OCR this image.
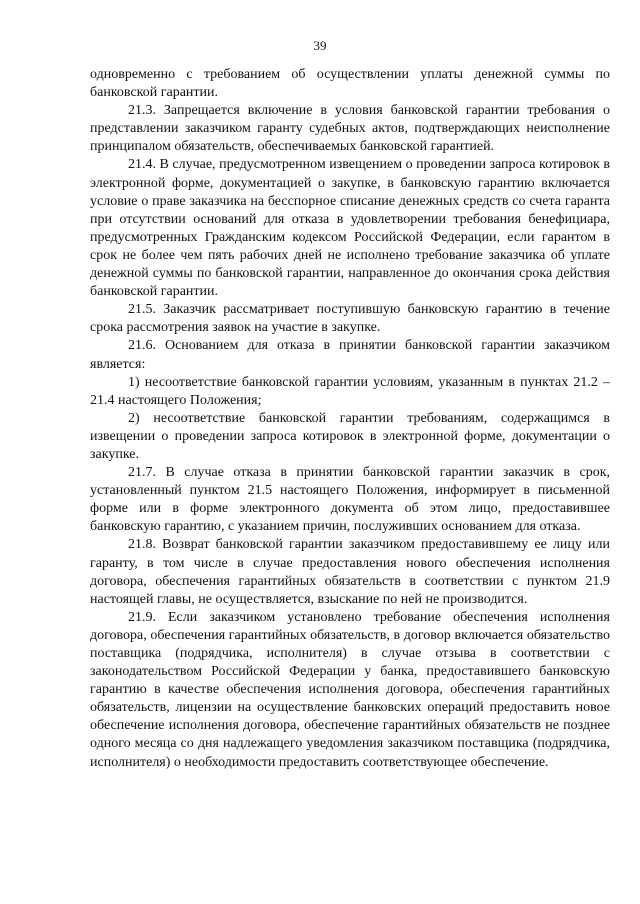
39

одновременно с требованием об осуществлении уплаты денежной суммы по банковской гарантии.

21.3. Запрещается включение в условия банковской гарантии требования о представлении заказчиком гаранту судебных актов, подтверждающих неисполнение принципалом обязательств, обеспечиваемых банковской гарантией.

21.4. В случае, предусмотренном извещением о проведении запроса котировок в электронной форме, документацией о закупке, в банковскую гарантию включается условие о праве заказчика на бесспорное списание денежных средств со счета гаранта при отсутствии оснований для отказа в удовлетворении требования бенефициара, предусмотренных Гражданским кодексом Российской Федерации, если гарантом в срок не более чем пять рабочих дней не исполнено требование заказчика об уплате денежной суммы по банковской гарантии, направленное до окончания срока действия банковской гарантии.

21.5. Заказчик рассматривает поступившую банковскую гарантию в течение срока рассмотрения заявок на участие в закупке.

21.6. Основанием для отказа в принятии банковской гарантии заказчиком является:

1) несоответствие банковской гарантии условиям, указанным в пунктах 21.2 – 21.4 настоящего Положения;

2) несоответствие банковской гарантии требованиям, содержащимся в извещении о проведении запроса котировок в электронной форме, документации о закупке.

21.7. В случае отказа в принятии банковской гарантии заказчик в срок, установленный пунктом 21.5 настоящего Положения, информирует в письменной форме или в форме электронного документа об этом лицо, предоставившее банковскую гарантию, с указанием причин, послуживших основанием для отказа.

21.8. Возврат банковской гарантии заказчиком предоставившему ее лицу или гаранту, в том числе в случае предоставления нового обеспечения исполнения договора, обеспечения гарантийных обязательств в соответствии с пунктом 21.9 настоящей главы, не осуществляется, взыскание по ней не производится.

21.9. Если заказчиком установлено требование обеспечения исполнения договора, обеспечения гарантийных обязательств, в договор включается обязательство поставщика (подрядчика, исполнителя) в случае отзыва в соответствии с законодательством Российской Федерации у банка, предоставившего банковскую гарантию в качестве обеспечения исполнения договора, обеспечения гарантийных обязательств, лицензии на осуществление банковских операций предоставить новое обеспечение исполнения договора, обеспечение гарантийных обязательств не позднее одного месяца со дня надлежащего уведомления заказчиком поставщика (подрядчика, исполнителя) о необходимости предоставить соответствующее обеспечение.
